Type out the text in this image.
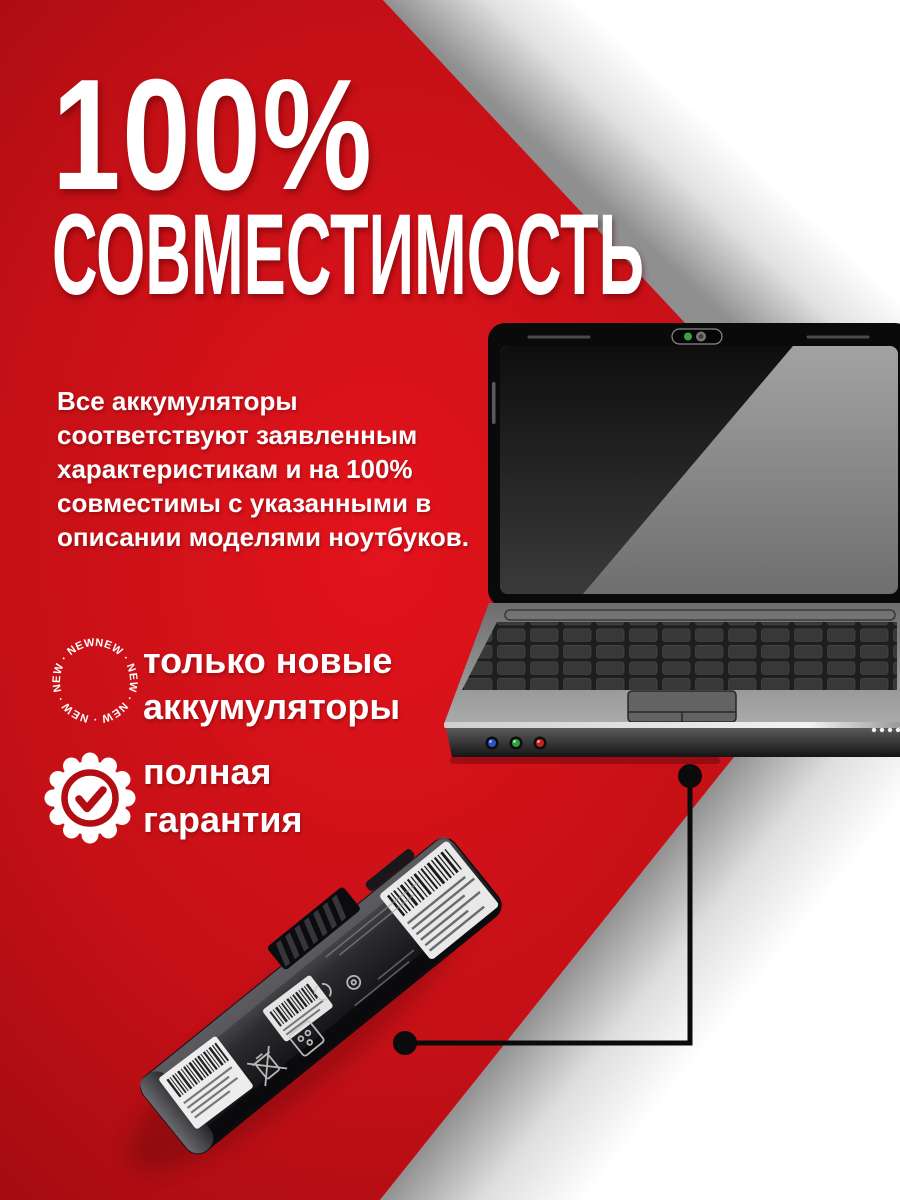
100%
СОВМЕСТИМОСТЬ
Все аккумуляторы
соответствуют заявленным
характеристикам и на 100%
совместимы с указанными в
описании моделями ноутбуков.
NEW · NEW · NEW · NEW · NEW · NEW ·	только новые
аккумуляторы
полная
гарантия
